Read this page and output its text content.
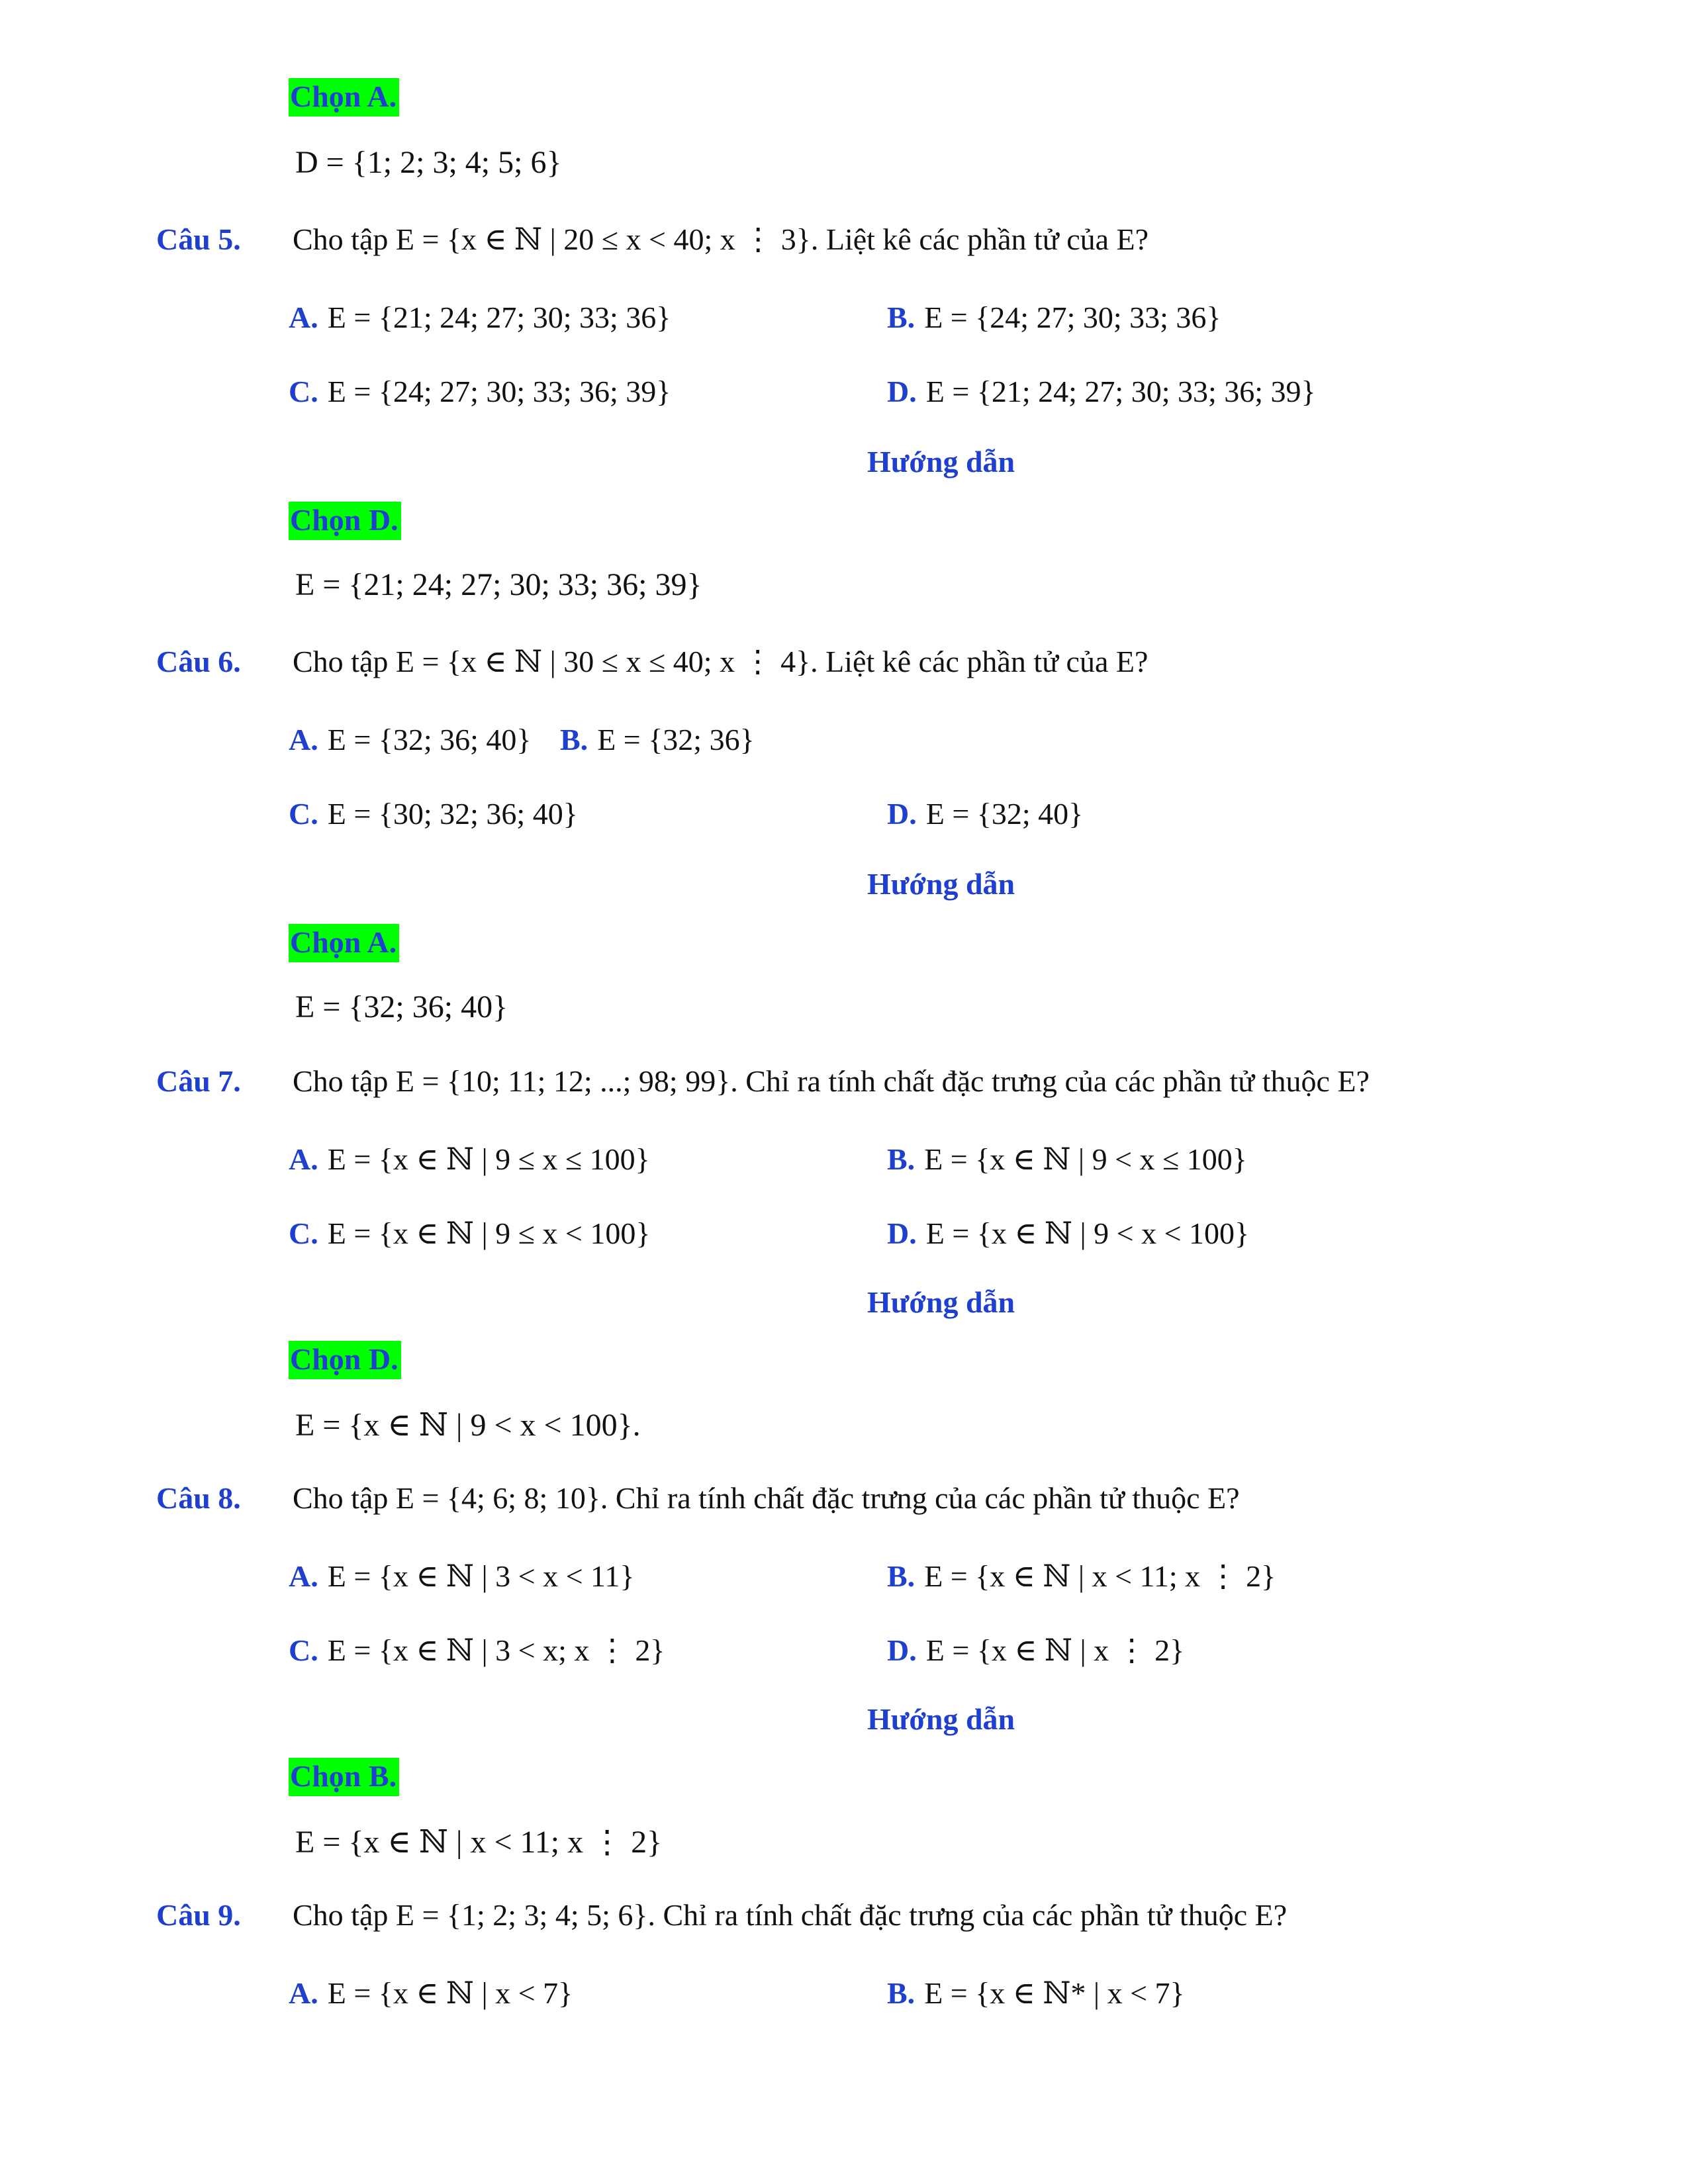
Chọn A.
D = {1; 2; 3; 4; 5; 6}
Câu 5. Cho tập E = {x ∈ ℕ | 20 ≤ x < 40; x ⋮ 3}. Liệt kê các phần tử của E?
A. E = {21; 24; 27; 30; 33; 36}	B. E = {24; 27; 30; 33; 36}
C. E = {24; 27; 30; 33; 36; 39}	D. E = {21; 24; 27; 30; 33; 36; 39}
Hướng dẫn
Chọn D.
E = {21; 24; 27; 30; 33; 36; 39}
Câu 6. Cho tập E = {x ∈ ℕ | 30 ≤ x ≤ 40; x ⋮ 4}. Liệt kê các phần tử của E?
A. E = {32; 36; 40} B. E = {32; 36}
C. E = {30; 32; 36; 40}	D. E = {32; 40}
Hướng dẫn
Chọn A.
E = {32; 36; 40}
Câu 7. Cho tập E = {10; 11; 12; ...; 98; 99}. Chỉ ra tính chất đặc trưng của các phần tử thuộc E?
A. E = {x ∈ ℕ | 9 ≤ x ≤ 100}	B. E = {x ∈ ℕ | 9 < x ≤ 100}
C. E = {x ∈ ℕ | 9 ≤ x < 100}	D. E = {x ∈ ℕ | 9 < x < 100}
Hướng dẫn
Chọn D.
E = {x ∈ ℕ | 9 < x < 100}.
Câu 8. Cho tập E = {4; 6; 8; 10}. Chỉ ra tính chất đặc trưng của các phần tử thuộc E?
A. E = {x ∈ ℕ | 3 < x < 11}	B. E = {x ∈ ℕ | x < 11; x ⋮ 2}
C. E = {x ∈ ℕ | 3 < x; x ⋮ 2}	D. E = {x ∈ ℕ | x ⋮ 2}
Hướng dẫn
Chọn B.
E = {x ∈ ℕ | x < 11; x ⋮ 2}
Câu 9. Cho tập E = {1; 2; 3; 4; 5; 6}. Chỉ ra tính chất đặc trưng của các phần tử thuộc E?
A. E = {x ∈ ℕ | x < 7}	B. E = {x ∈ ℕ* | x < 7}
